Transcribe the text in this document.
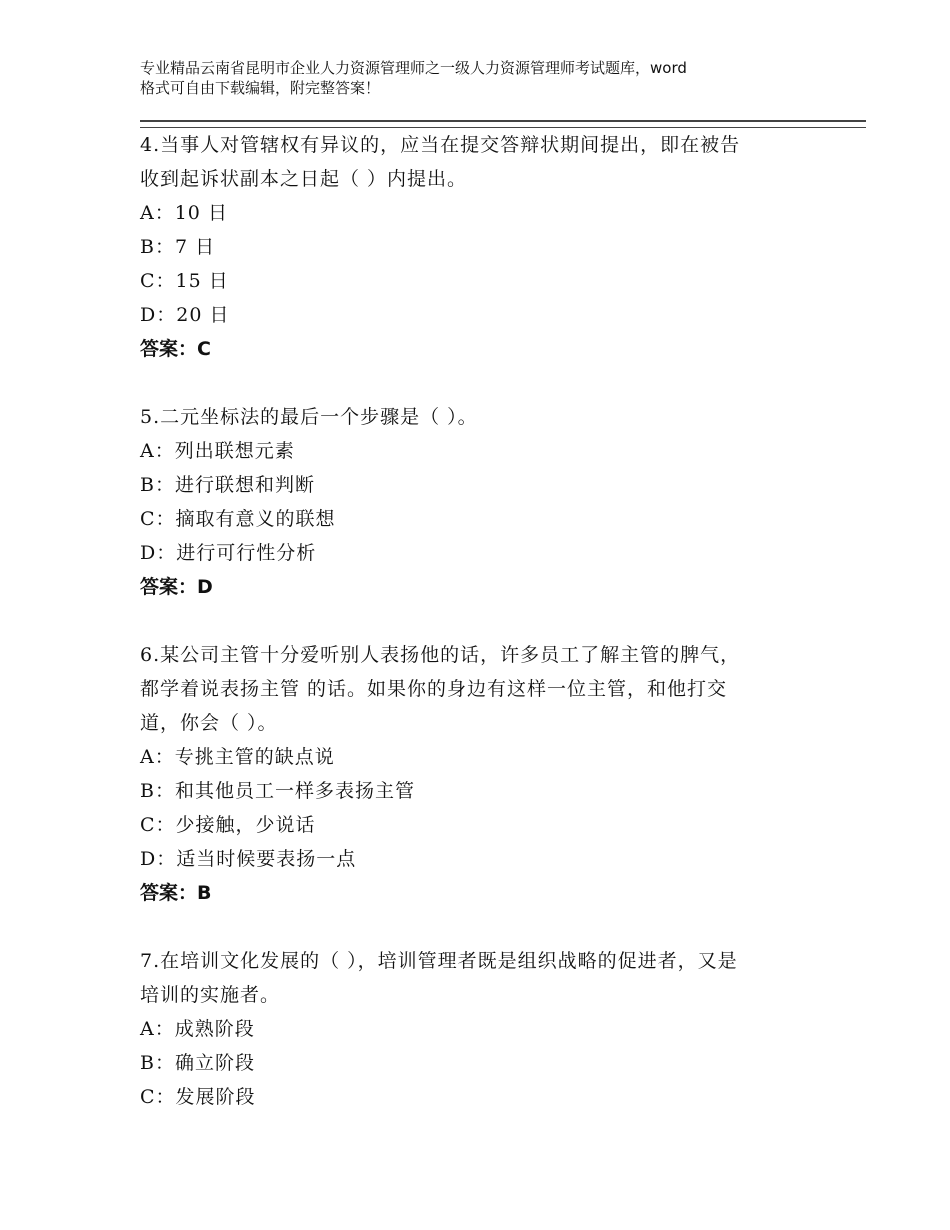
专业精品云南省昆明市企业人力资源管理师之一级人力资源管理师考试题库，word
格式可自由下载编辑，附完整答案！
4.当事人对管辖权有异议的，应当在提交答辩状期间提出，即在被告
收到起诉状副本之日起（ ）内提出。
A：10 日
B：7 日
C：15 日
D：20 日
答案：C
5.二元坐标法的最后一个步骤是（ ）。
A：列出联想元素
B：进行联想和判断
C：摘取有意义的联想
D：进行可行性分析
答案：D
6.某公司主管十分爱听别人表扬他的话，许多员工了解主管的脾气，
都学着说表扬主管 的话。如果你的身边有这样一位主管，和他打交
道，你会（ ）。
A：专挑主管的缺点说
B：和其他员工一样多表扬主管
C：少接触，少说话
D：适当时候要表扬一点
答案：B
7.在培训文化发展的（ ），培训管理者既是组织战略的促进者，又是
培训的实施者。
A：成熟阶段
B：确立阶段
C：发展阶段
